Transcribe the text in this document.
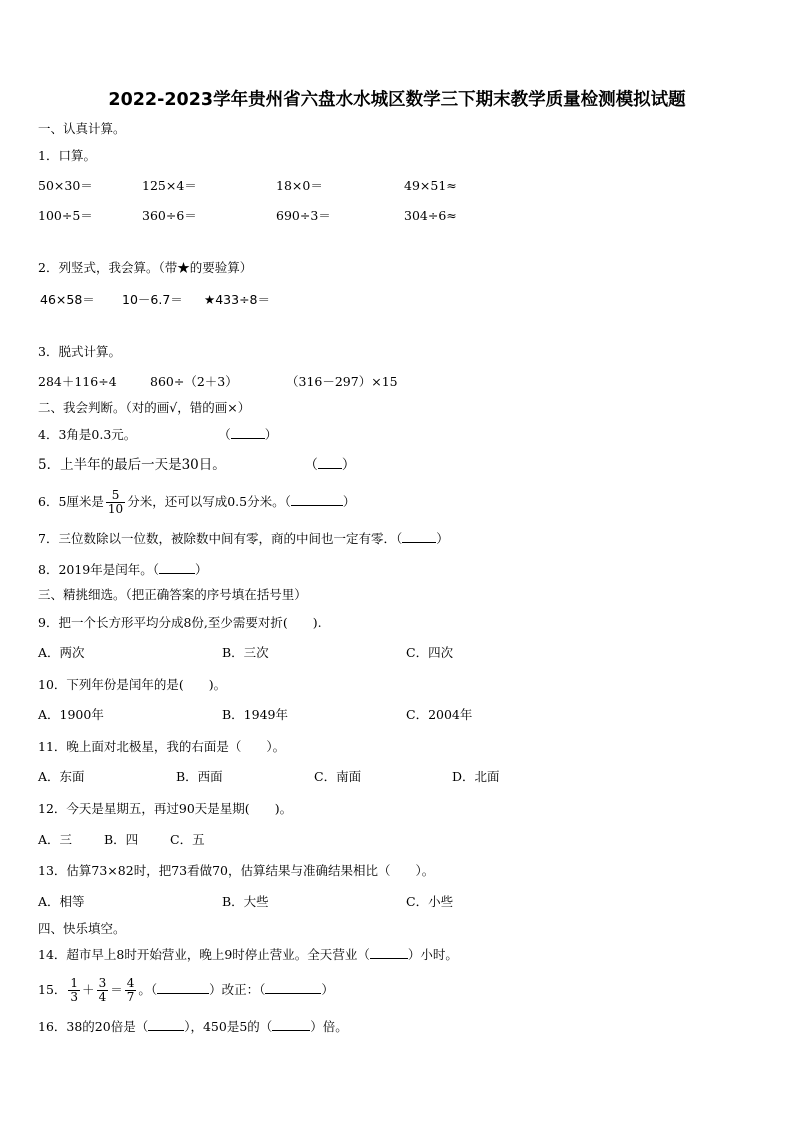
2022-2023学年贵州省六盘水水城区数学三下期末教学质量检测模拟试题
一、认真计算。
1．口算。
50×30＝	125×4＝	18×0＝	49×51≈
100÷5＝	360÷6＝	690÷3＝	304÷6≈
2．列竖式，我会算。（带★的要验算）
46×58＝ 10－6.7＝ ★433÷8＝
3．脱式计算。
284＋116÷4	860÷（2＋3）	（316－297）×15
二、我会判断。（对的画√，错的画×）
4．3角是0.3元。	（	）
5．上半年的最后一天是30日。	（ ）
6．5厘米是 $\frac{5}{10}$ 分米，还可以写成0.5分米。（	）
7．三位数除以一位数，被除数中间有零，商的中间也一定有零．（	）
8．2019年是闰年。（	）
三、精挑细选。（把正确答案的序号填在括号里）
9．把一个长方形平均分成8份,至少需要对折(　　).
A．两次	B．三次	C．四次
10．下列年份是闰年的是(　　)。
A．1900年	B．1949年	C．2004年
11．晚上面对北极星，我的右面是（　　）。
A．东面	B．西面	C．南面	D．北面
12．今天是星期五，再过90天是星期(　　)。
A．三	B．四	C．五
13．估算73×82时，把73看做70，估算结果与准确结果相比（　　）。
A．相等	B．大些	C．小些
四、快乐填空。
14．超市早上8时开始营业，晚上9时停止营业。全天营业（	）小时。
15． $\frac{1}{3} + \frac{3}{4} = \frac{4}{7}$ 。（	）改正：（	）
16．38的20倍是（	），450是5的（	）倍。
